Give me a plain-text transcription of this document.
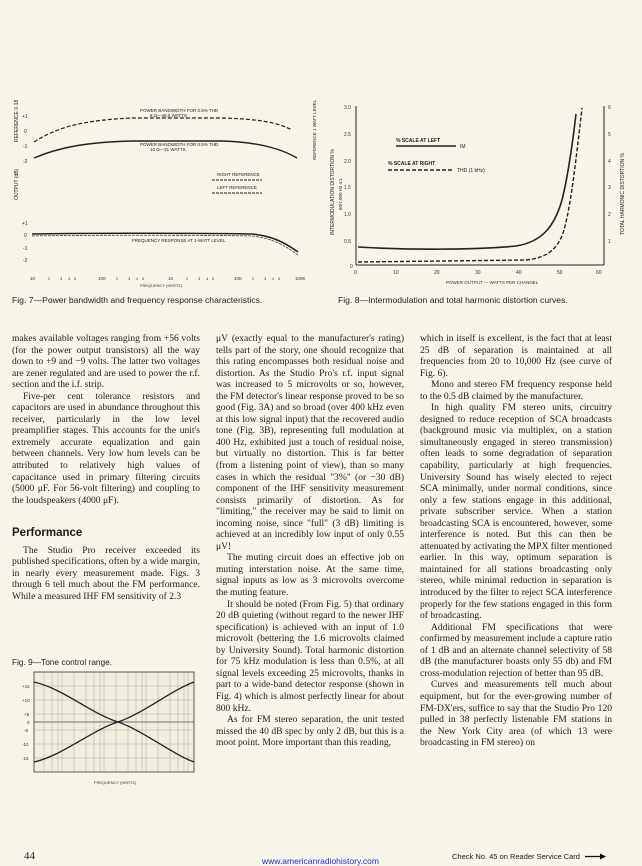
REFERENCE 0·18 W
OUTPUT (dB)
+1
0
-1
-2
+1
0
-1
-2
POWER BANDWIDTH FOR 0.5% THD
8 Ω—48.5 WATTS
POWER BANDWIDTH FOR 0.5% THD
16 Ω—31 WATTS
RIGHT REFERENCE
LEFT REFERENCE
FREQUENCY RESPONSE AT 1-WATT LEVEL
REFERENCE 1 WATT LEVEL
10	100	1K	10K	100K
2 3 4 5	2 3 4 5	2 3 4 5	2 3 4 5
FREQUENCY (HERTZ)
Fig. 7—Power bandwidth and frequency response characteristics.
INTERMODULATION DISTORTION % 60/7,000 Hz 4:1
3.0
2.5
2.0
1.5
1.0
0.5
0
6
5
4
3
2
1
TOTAL HARMONIC DISTORTION %
0	10	20	30	40	50	60
POWER OUTPUT — WATTS PER CHANNEL
% SCALE AT LEFT
IM
% SCALE AT RIGHT
THD (1 kHz)
Fig. 8—Intermodulation and total harmonic distortion curves.

makes available voltages ranging from +56 volts (for the power output transistors) all the way down to +9 and −9 volts. The latter two voltages are zener regulated and are used to power the r.f. section and the i.f. strip.

Five-per cent tolerance resistors and capacitors are used in abundance throughout this receiver, particularly in the low level preamplifier stages. This accounts for the unit's extremely accurate equalization and gain between channels. Very low hum levels can be attributed to relatively high values of capacitance used in primary filtering circuits (5000 μF. For 56-volt filtering) and coupling to the loudspeakers (4000 μF).

Performance

The Studio Pro receiver exceeded its published specifications, often by a wide margin, in nearly every measurement made. Figs. 3 through 6 tell much about the FM performance. While a measured IHF FM sensitivity of 2.3

Fig. 9—Tone control range.
+15
+10
+5
0
-5
-10
-15
FREQUENCY (HERTZ)

μV (exactly equal to the manufacturer's rating) tells part of the story, one should recognize that this rating encompasses both residual noise and distortion. As the Studio Pro's r.f. input signal was increased to 5 microvolts or so, however, the FM detector's linear response proved to be so good (Fig. 3A) and so broad (over 400 kHz even at this low signal input) that the recovered audio tone (Fig. 3B), representing full modulation at 400 Hz, exhibited just a touch of residual noise, but virtually no distortion. This is far better (from a listening point of view), than so many cases in which the residual "3%" (or −30 dB) component of the IHF sensitivity measurement consists primarily of distortion. As for "limiting," the receiver may be said to limit on incoming noise, since "full" (3 dB) limiting is achieved at an incredibly low input of only 0.55 μV!

The muting circuit does an effective job on muting interstation noise. At the same time, signal inputs as low as 3 microvolts overcome the muting feature.

It should be noted (From Fig. 5) that ordinary 20 dB quieting (without regard to the newer IHF specification) is achieved with an input of 1.0 microvolt (bettering the 1.6 microvolts claimed by University Sound). Total harmonic distortion for 75 kHz modulation is less than 0.5%, at all signal levels exceeding 25 microvolts, thanks in part to a wide-band detector response (shown in Fig. 4) which is almost perfectly linear for about 800 kHz.

As for FM stereo separation, the unit tested missed the 40 dB spec by only 2 dB, but this is a moot point. More important than this reading,

which in itself is excellent, is the fact that at least 25 dB of separation is maintained at all frequencies from 20 to 10,000 Hz (see curve of Fig. 6).

Mono and stereo FM frequency response held to the 0.5 dB claimed by the manufacturer.

In high quality FM stereo units, circuitry designed to reduce reception of SCA broadcasts (background music via multiplex, on a station simultaneously engaged in stereo transmission) often leads to some degradation of separation capability, particularly at high frequencies. University Sound has wisely elected to reject SCA minimally, under normal conditions, since only a few stations engage in this additional, private subscriber service. When a station broadcasting SCA is encountered, however, some interference is noted. But this can then be attenuated by activating the MPX filter mentioned earlier. In this way, optimum separation is maintained for all stations broadcasting only stereo, while minimal reduction in separation is introduced by the filter to reject SCA interference properly for the few stations engaged in this form of broadcasting.

Additional FM specifications that were confirmed by measurement include a capture ratio of 1 dB and an alternate channel selectivity of 58 dB (the manufacturer boasts only 55 db) and FM cross-modulation rejection of better than 95 dB.

Curves and measurements tell much about equipment, but for the ever-growing number of FM-DX'ers, suffice to say that the Studio Pro 120 pulled in 38 perfectly listenable FM stations in the New York City area (of which 13 were broadcasting in FM stereo) on

44	www.americanradiohistory.com	Check No. 45 on Reader Service Card
